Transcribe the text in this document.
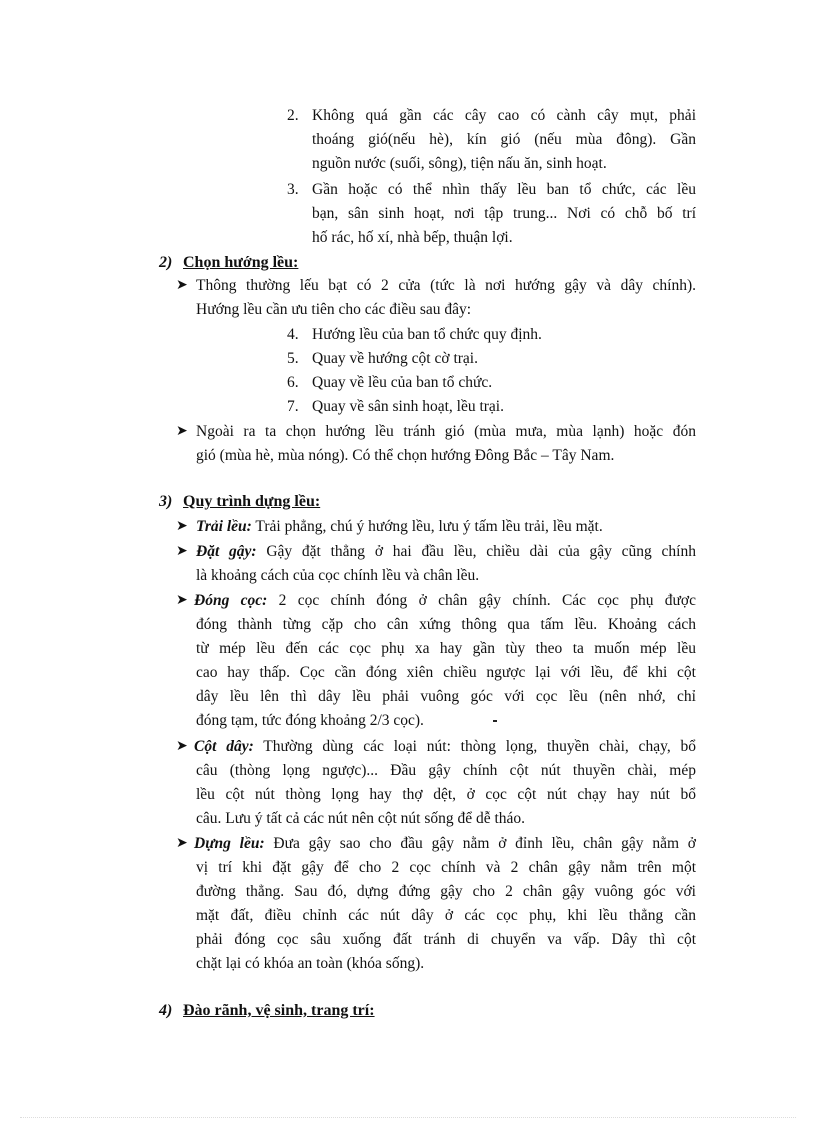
2. Không quá gần các cây cao có cành cây mụt, phải
thoáng gió(nếu hè), kín gió (nếu mùa đông). Gần
nguồn nước (suối, sông), tiện nấu ăn, sinh hoạt.
3. Gần hoặc có thể nhìn thấy lều ban tổ chức, các lều
bạn, sân sinh hoạt, nơi tập trung... Nơi có chỗ bố trí
hố rác, hố xí, nhà bếp, thuận lợi.
2) Chọn hướng lều:
➤ Thông thường lếu bạt có 2 cửa (tức là nơi hướng gậy và dây chính).
Hướng lều cần ưu tiên cho các điều sau đây:
4. Hướng lều của ban tổ chức quy định.
5. Quay về hướng cột cờ trại.
6. Quay về lều của ban tổ chức.
7. Quay về sân sinh hoạt, lều trại.
➤ Ngoài ra ta chọn hướng lều tránh gió (mùa mưa, mùa lạnh) hoặc đón
gió (mùa hè, mùa nóng). Có thể chọn hướng Đông Bắc – Tây Nam.
3) Quy trình dựng lều:
➤ Trải lều: Trải phẳng, chú ý hướng lều, lưu ý tấm lều trải, lều mặt.
➤ Đặt gậy: Gậy đặt thẳng ở hai đầu lều, chiều dài của gậy cũng chính
là khoảng cách của cọc chính lều và chân lều.
➤ Đóng cọc: 2 cọc chính đóng ở chân gậy chính. Các cọc phụ được
đóng thành từng cặp cho cân xứng thông qua tấm lều. Khoảng cách
từ mép lều đến các cọc phụ xa hay gần tùy theo ta muốn mép lều
cao hay thấp. Cọc cần đóng xiên chiều ngược lại với lều, để khi cột
dây lều lên thì dây lều phải vuông góc với cọc lều (nên nhớ, chỉ
đóng tạm, tức đóng khoảng 2/3 cọc).
➤ Cột dây: Thường dùng các loại nút: thòng lọng, thuyền chài, chạy, bổ
câu (thòng lọng ngược)... Đầu gậy chính cột nút thuyền chài, mép
lều cột nút thòng lọng hay thợ dệt, ở cọc cột nút chạy hay nút bổ
câu. Lưu ý tất cả các nút nên cột nút sống để dễ tháo.
➤ Dựng lều: Đưa gậy sao cho đầu gậy nằm ở đỉnh lều, chân gậy nằm ở
vị trí khi đặt gậy để cho 2 cọc chính và 2 chân gậy nằm trên một
đường thẳng. Sau đó, dựng đứng gậy cho 2 chân gậy vuông góc với
mặt đất, điều chỉnh các nút dây ở các cọc phụ, khi lều thẳng cần
phải đóng cọc sâu xuống đất tránh di chuyển va vấp. Dây thì cột
chặt lại có khóa an toàn (khóa sống).
4) Đào rãnh, vệ sinh, trang trí:
